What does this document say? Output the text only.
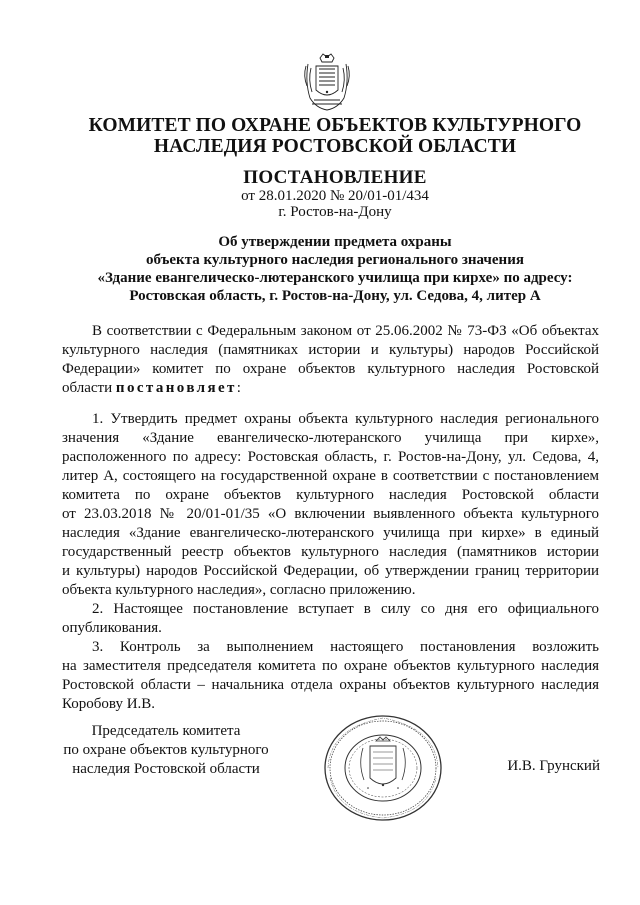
КОМИТЕТ ПО ОХРАНЕ ОБЪЕКТОВ КУЛЬТУРНОГО
НАСЛЕДИЯ РОСТОВСКОЙ ОБЛАСТИ
ПОСТАНОВЛЕНИЕ
от 28.01.2020 № 20/01-01/434
г. Ростов-на-Дону
Об утверждении предмета охраны
объекта культурного наследия регионального значения
«Здание евангелическо-лютеранского училища при кирхе» по адресу:
Ростовская область, г. Ростов-на-Дону, ул. Седова, 4, литер А
В соответствии с Федеральным законом от 25.06.2002 № 73-ФЗ «Об объектах
культурного наследия (памятниках истории и культуры) народов Российской
Федерации» комитет по охране объектов культурного наследия Ростовской
области постановляет:
1. Утвердить предмет охраны объекта культурного наследия регионального
значения «Здание евангелическо-лютеранского училища при кирхе»,
расположенного по адресу: Ростовская область, г. Ростов-на-Дону, ул. Седова, 4,
литер А, состоящего на государственной охране в соответствии с постановлением
комитета по охране объектов культурного наследия Ростовской области
от 23.03.2018 № 20/01-01/35 «О включении выявленного объекта культурного
наследия «Здание евангелическо-лютеранского училища при кирхе» в единый
государственный реестр объектов культурного наследия (памятников истории
и культуры) народов Российской Федерации, об утверждении границ территории
объекта культурного наследия», согласно приложению.
2. Настоящее постановление вступает в силу со дня его официального
опубликования.
3. Контроль за выполнением настоящего постановления возложить
на заместителя председателя комитета по охране объектов культурного наследия
Ростовской области – начальника отдела охраны объектов культурного наследия
Коробову И.В.
Председатель комитета
по охране объектов культурного
наследия Ростовской области	И.В. Грунский
